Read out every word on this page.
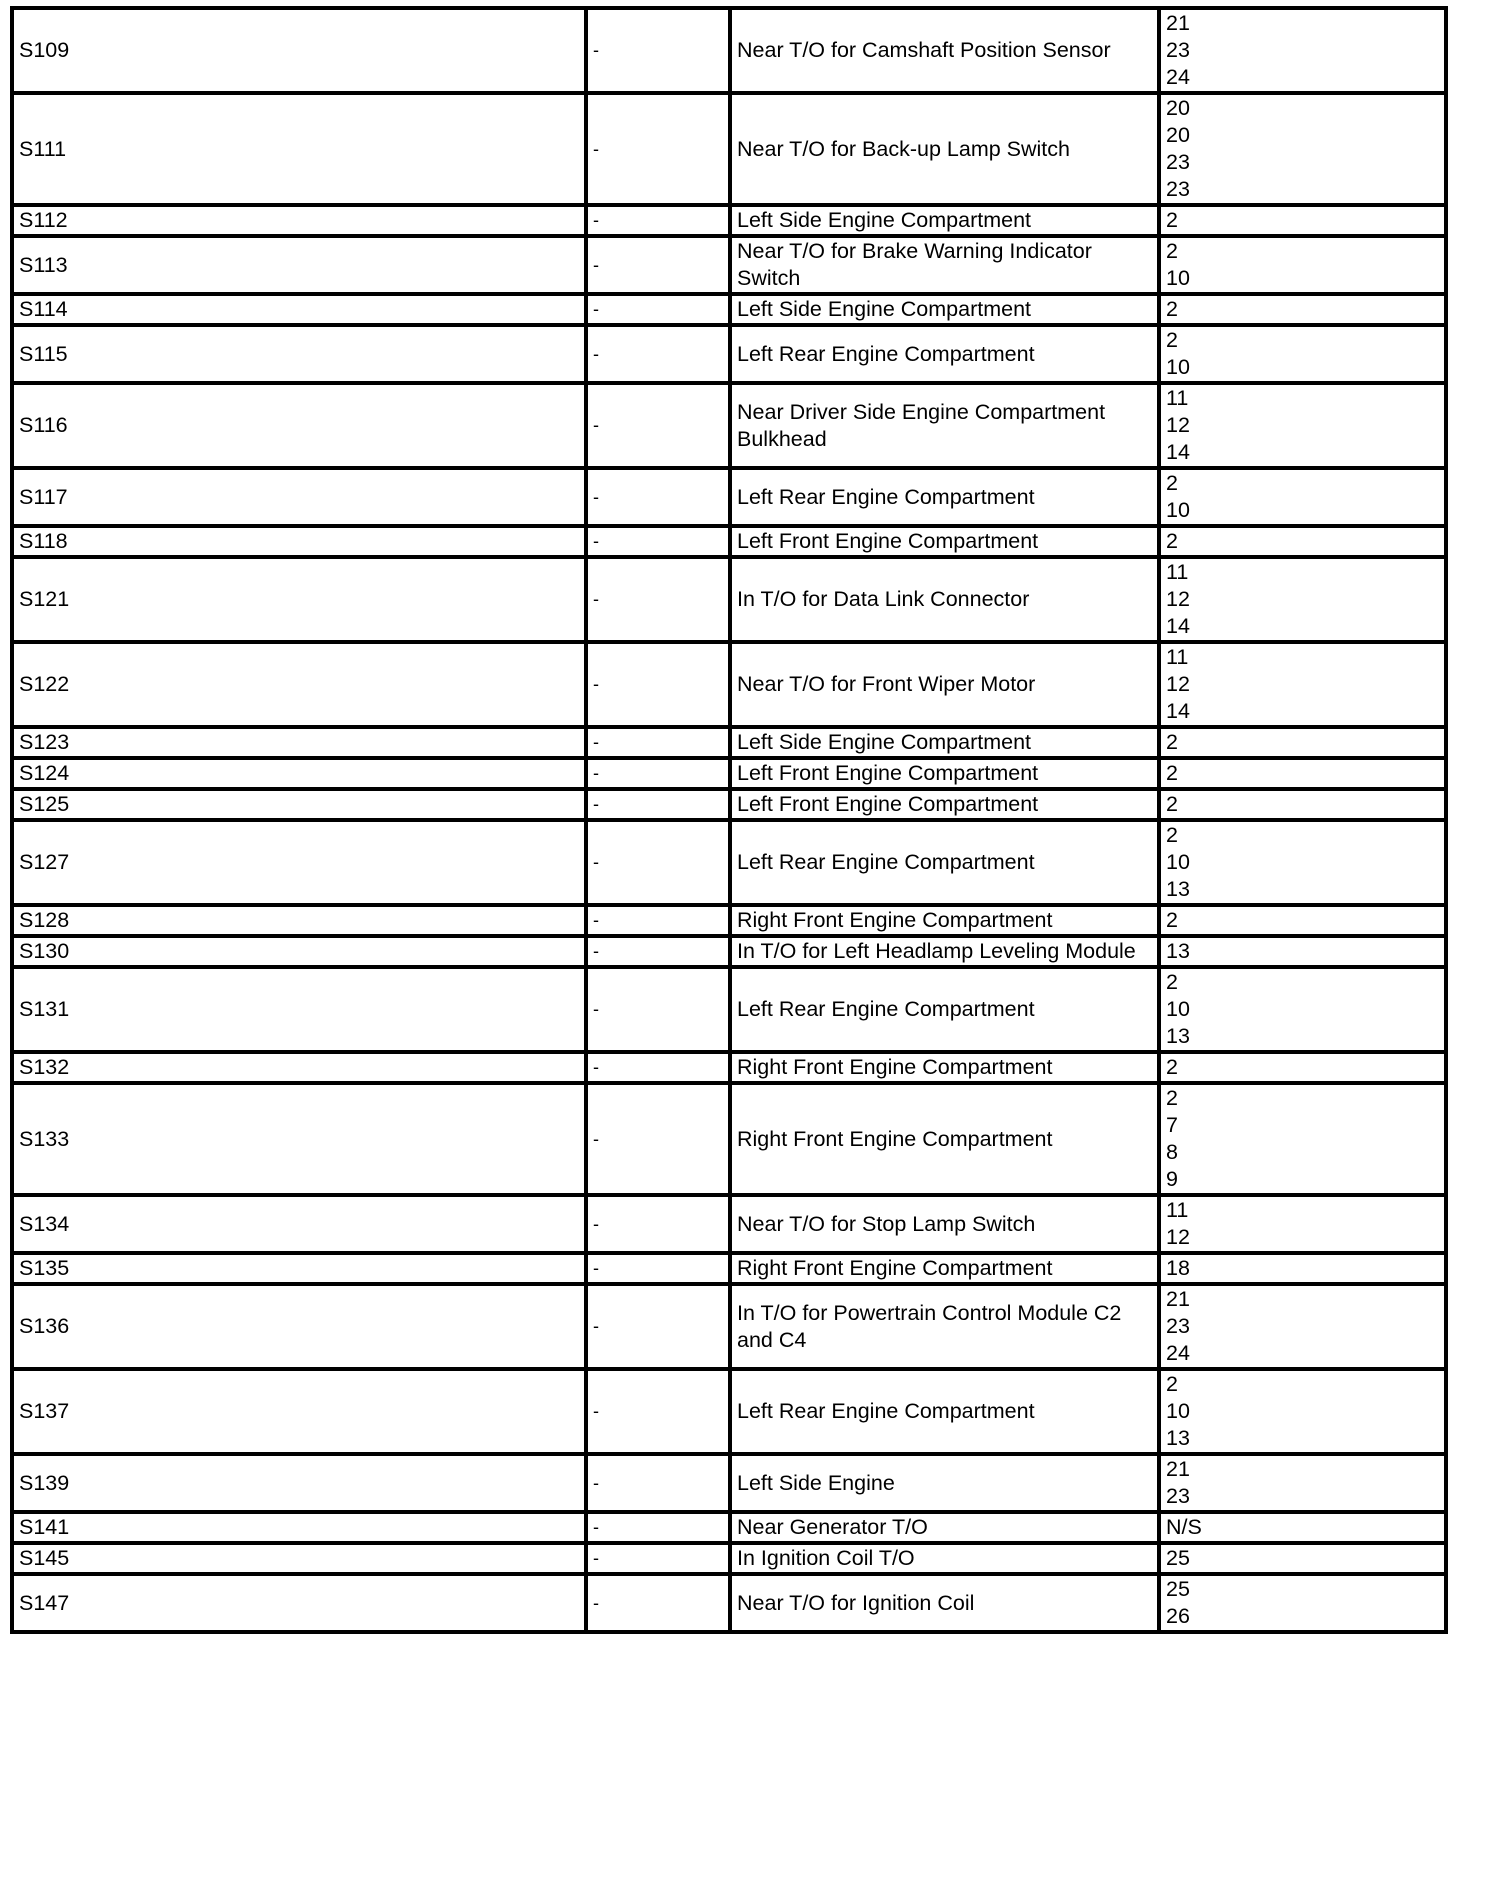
S109	-	Near T/O for Camshaft Position Sensor	21
23
24

S111	-	Near T/O for Back-up Lamp Switch	20
20
23
23

S112	-	Left Side Engine Compartment	2

S113	-	Near T/O for Brake Warning Indicator Switch	2
10

S114	-	Left Side Engine Compartment	2

S115	-	Left Rear Engine Compartment	2
10

S116	-	Near Driver Side Engine Compartment Bulkhead	11
12
14

S117	-	Left Rear Engine Compartment	2
10

S118	-	Left Front Engine Compartment	2

S121	-	In T/O for Data Link Connector	11
12
14

S122	-	Near T/O for Front Wiper Motor	11
12
14

S123	-	Left Side Engine Compartment	2

S124	-	Left Front Engine Compartment	2

S125	-	Left Front Engine Compartment	2

S127	-	Left Rear Engine Compartment	2
10
13

S128	-	Right Front Engine Compartment	2

S130	-	In T/O for Left Headlamp Leveling Module	13

S131	-	Left Rear Engine Compartment	2
10
13

S132	-	Right Front Engine Compartment	2

S133	-	Right Front Engine Compartment	2
7
8
9

S134	-	Near T/O for Stop Lamp Switch	11
12

S135	-	Right Front Engine Compartment	18

S136	-	In T/O for Powertrain Control Module C2 and C4	21
23
24

S137	-	Left Rear Engine Compartment	2
10
13

S139	-	Left Side Engine	21
23

S141	-	Near Generator T/O	N/S

S145	-	In Ignition Coil T/O	25

S147	-	Near T/O for Ignition Coil	25
26
